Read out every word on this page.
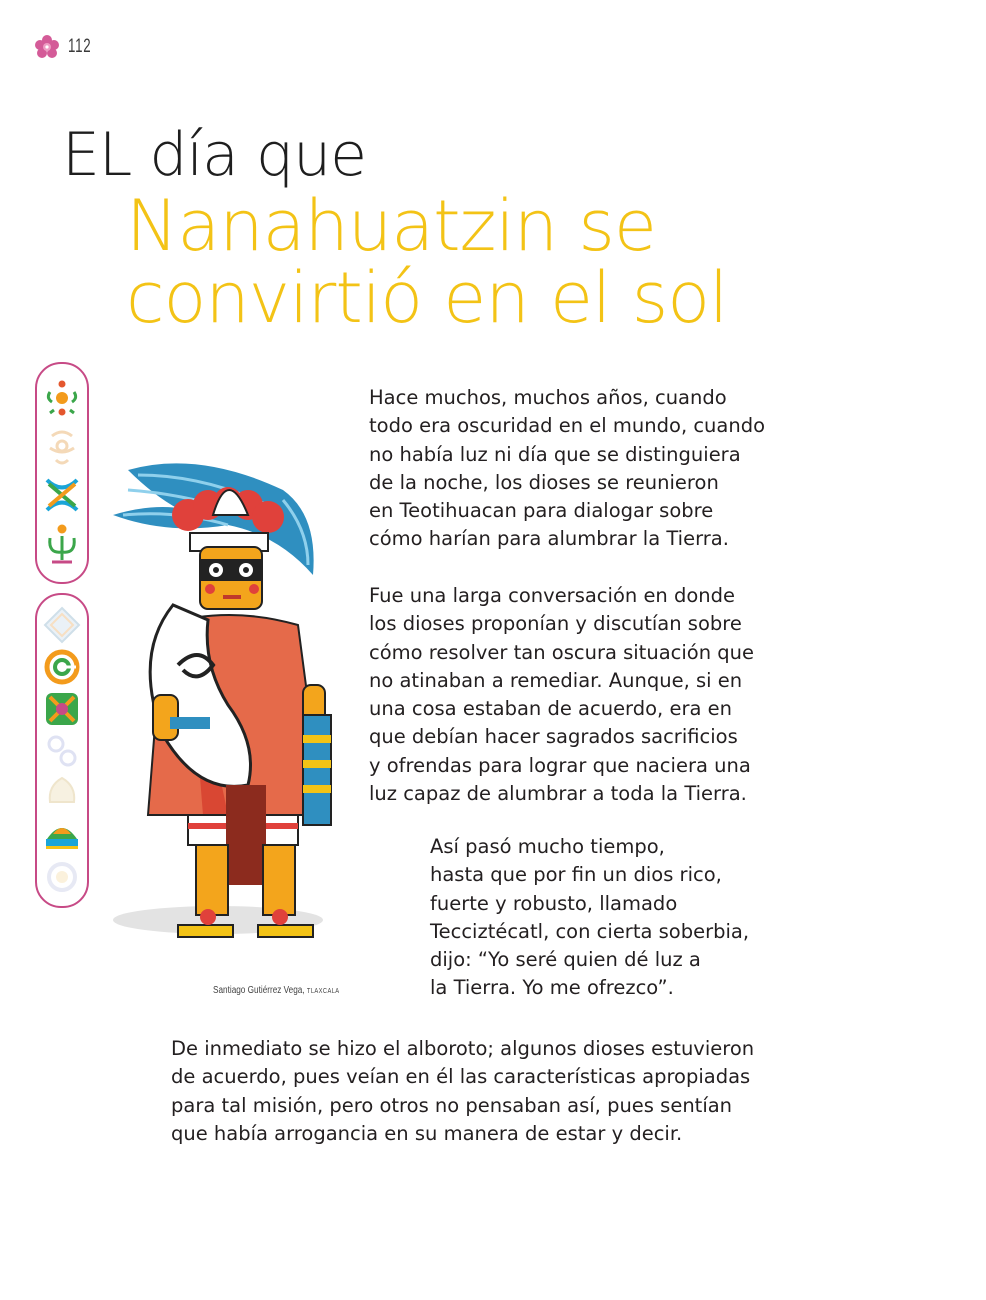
112
EL día que
Nanahuatzin se
convirtió en el sol

Hace muchos, muchos años, cuando
todo era oscuridad en el mundo, cuando
no había luz ni día que se distinguiera
de la noche, los dioses se reunieron
en Teotihuacan para dialogar sobre
cómo harían para alumbrar la Tierra.

Fue una larga conversación en donde
los dioses proponían y discutían sobre
cómo resolver tan oscura situación que
no atinaban a remediar. Aunque, si en
una cosa estaban de acuerdo, era en
que debían hacer sagrados sacrificios
y ofrendas para lograr que naciera una
luz capaz de alumbrar a toda la Tierra.

Así pasó mucho tiempo,
hasta que por fin un dios rico,
fuerte y robusto, llamado
Tecciztécatl, con cierta soberbia,
dijo: “Yo seré quien dé luz a
la Tierra. Yo me ofrezco”.

De inmediato se hizo el alboroto; algunos dioses estuvieron
de acuerdo, pues veían en él las características apropiadas
para tal misión, pero otros no pensaban así, pues sentían
que había arrogancia en su manera de estar y decir.

Santiago Gutiérrez Vega, TLAXCALA
